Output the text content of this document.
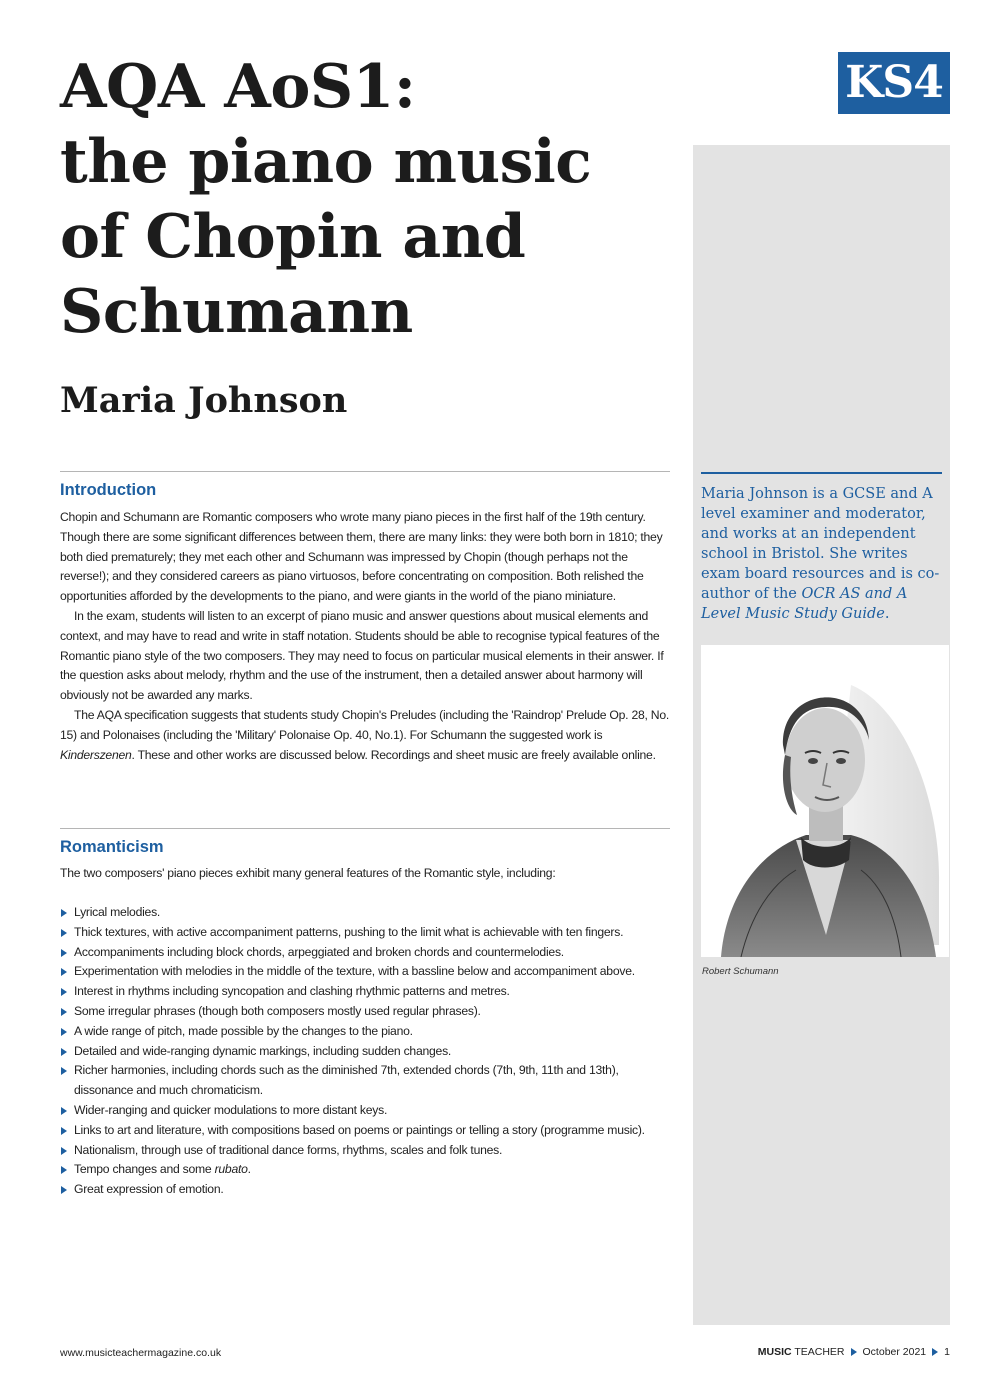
AQA AoS1:
the piano music
of Chopin and
Schumann
Maria Johnson
KS4

Maria Johnson is a GCSE and A level examiner and moderator, and works at an independent school in Bristol. She writes exam board resources and is co-author of the OCR AS and A Level Music Study Guide.

Robert Schumann

Introduction

Chopin and Schumann are Romantic composers who wrote many piano pieces in the first half of the 19th century. Though there are some significant differences between them, there are many links: they were both born in 1810; they both died prematurely; they met each other and Schumann was impressed by Chopin (though perhaps not the reverse!); and they considered careers as piano virtuosos, before concentrating on composition. Both relished the opportunities afforded by the developments to the piano, and were giants in the world of the piano miniature.

In the exam, students will listen to an excerpt of piano music and answer questions about musical elements and context, and may have to read and write in staff notation. Students should be able to recognise typical features of the Romantic piano style of the two composers. They may need to focus on particular musical elements in their answer. If the question asks about melody, rhythm and the use of the instrument, then a detailed answer about harmony will obviously not be awarded any marks.

The AQA specification suggests that students study Chopin's Preludes (including the 'Raindrop' Prelude Op. 28, No. 15) and Polonaises (including the 'Military' Polonaise Op. 40, No.1). For Schumann the suggested work is Kinderszenen. These and other works are discussed below. Recordings and sheet music are freely available online.

Romanticism

The two composers' piano pieces exhibit many general features of the Romantic style, including:

Lyrical melodies.
Thick textures, with active accompaniment patterns, pushing to the limit what is achievable with ten fingers.
Accompaniments including block chords, arpeggiated and broken chords and countermelodies.
Experimentation with melodies in the middle of the texture, with a bassline below and accompaniment above.
Interest in rhythms including syncopation and clashing rhythmic patterns and metres.
Some irregular phrases (though both composers mostly used regular phrases).
A wide range of pitch, made possible by the changes to the piano.
Detailed and wide-ranging dynamic markings, including sudden changes.
Richer harmonies, including chords such as the diminished 7th, extended chords (7th, 9th, 11th and 13th), dissonance and much chromaticism.
Wider-ranging and quicker modulations to more distant keys.
Links to art and literature, with compositions based on poems or paintings or telling a story (programme music).
Nationalism, through use of traditional dance forms, rhythms, scales and folk tunes.
Tempo changes and some rubato.
Great expression of emotion.
www.musicteachermagazine.co.uk	MUSIC TEACHER October 2021 1
